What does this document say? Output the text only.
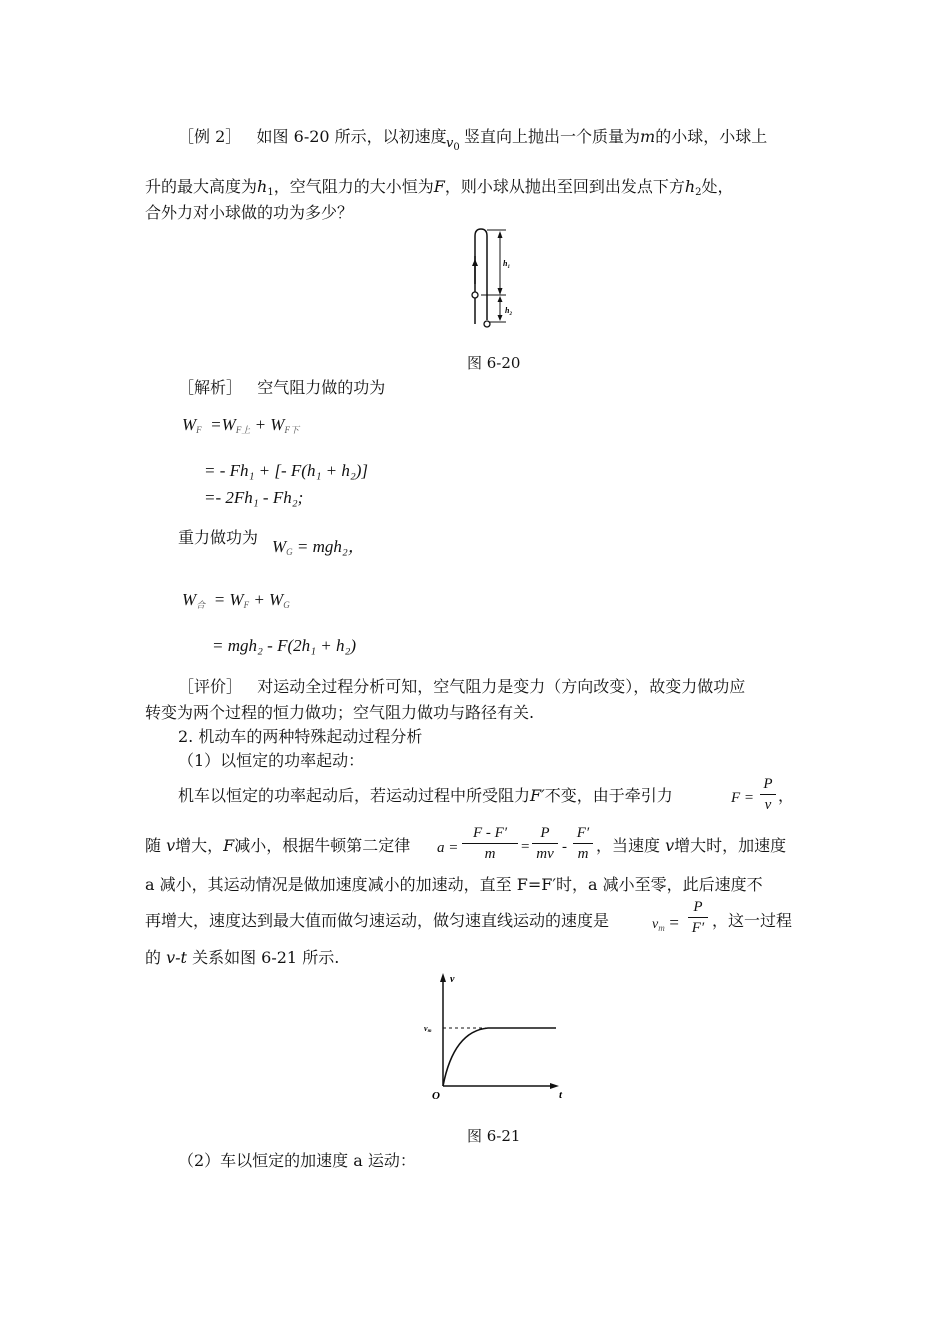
［例 2］ 如图 6-20 所示，以初速度 $v_0$
竖直向上抛出一个质量为m的小球，小球上
升的最大高度为$h_1$，空气阻力的大小恒为F，则小球从抛出至回到出发点下方$h_2$处，
合外力对小球做的功为多少？
$h_1$
$h_2$
图 6-20
［解析］ 空气阻力做的功为
$W_F =W_{F上} + W_{F下}$
= - Fh₁ + [- F(h₁ + h₂)]
=- 2Fh₁ - Fh₂;
重力做功为 $W_G = mgh_2$，
$W_合 = W_F + W_G$
= mgh₂ - F(2h₁ + h₂)
［评价］ 对运动全过程分析可知，空气阻力是变力（方向改变），故变力做功应
转变为两个过程的恒力做功；空气阻力做功与路径有关.
2. 机动车的两种特殊起动过程分析
（1）以恒定的功率起动：
机车以恒定的功率起动后，若运动过程中所受阻力F′不变，由于牵引力	F =
P
v ，
随 v增大，F减小，根据牛顿第二定律 a =
F - F′
m	=
P
mv -
F′
m ，当速度 v增大时，加速度
a 减小，其运动情况是做加速度减小的加速动，直至 F=F′时，a 减小至零，此后速度不
再增大，速度达到最大值而做匀速运动，做匀速直线运动的速度是	$v_m$ =
P
F′ ，这一过程
的 v-t 关系如图 6-21 所示.
v
t
O
vm
图 6-21
（2）车以恒定的加速度 a 运动：
